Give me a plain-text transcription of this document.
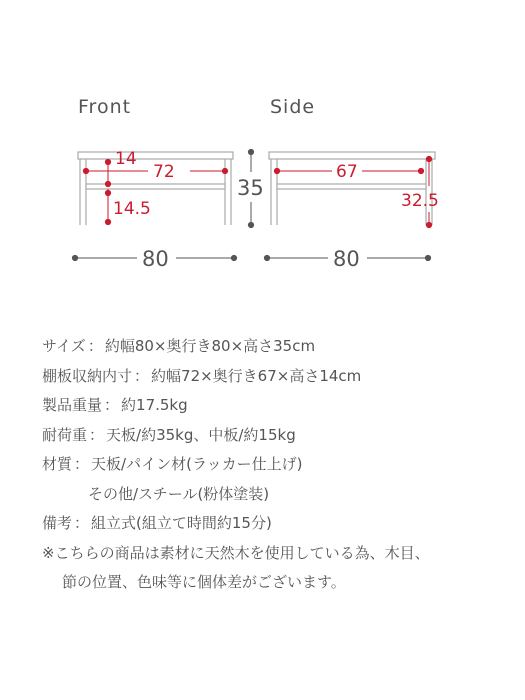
Front	Side
14
72
14.5
35
67
32.5
80	80
サイズ ： 約幅80×奥行き80×高さ35cm
棚板収納内寸 ： 約幅72×奥行き67×高さ14cm
製品重量 ： 約17.5kg
耐荷重 ： 天板/約35kg、中板/約15kg
材質 ： 天板/パイン材(ラッカー仕上げ)
その他/スチール(粉体塗装)
備考 ： 組立式(組立て時間約15分)
※こちらの商品は素材に天然木を使用している為、木目、
節の位置、色味等に個体差がございます。
